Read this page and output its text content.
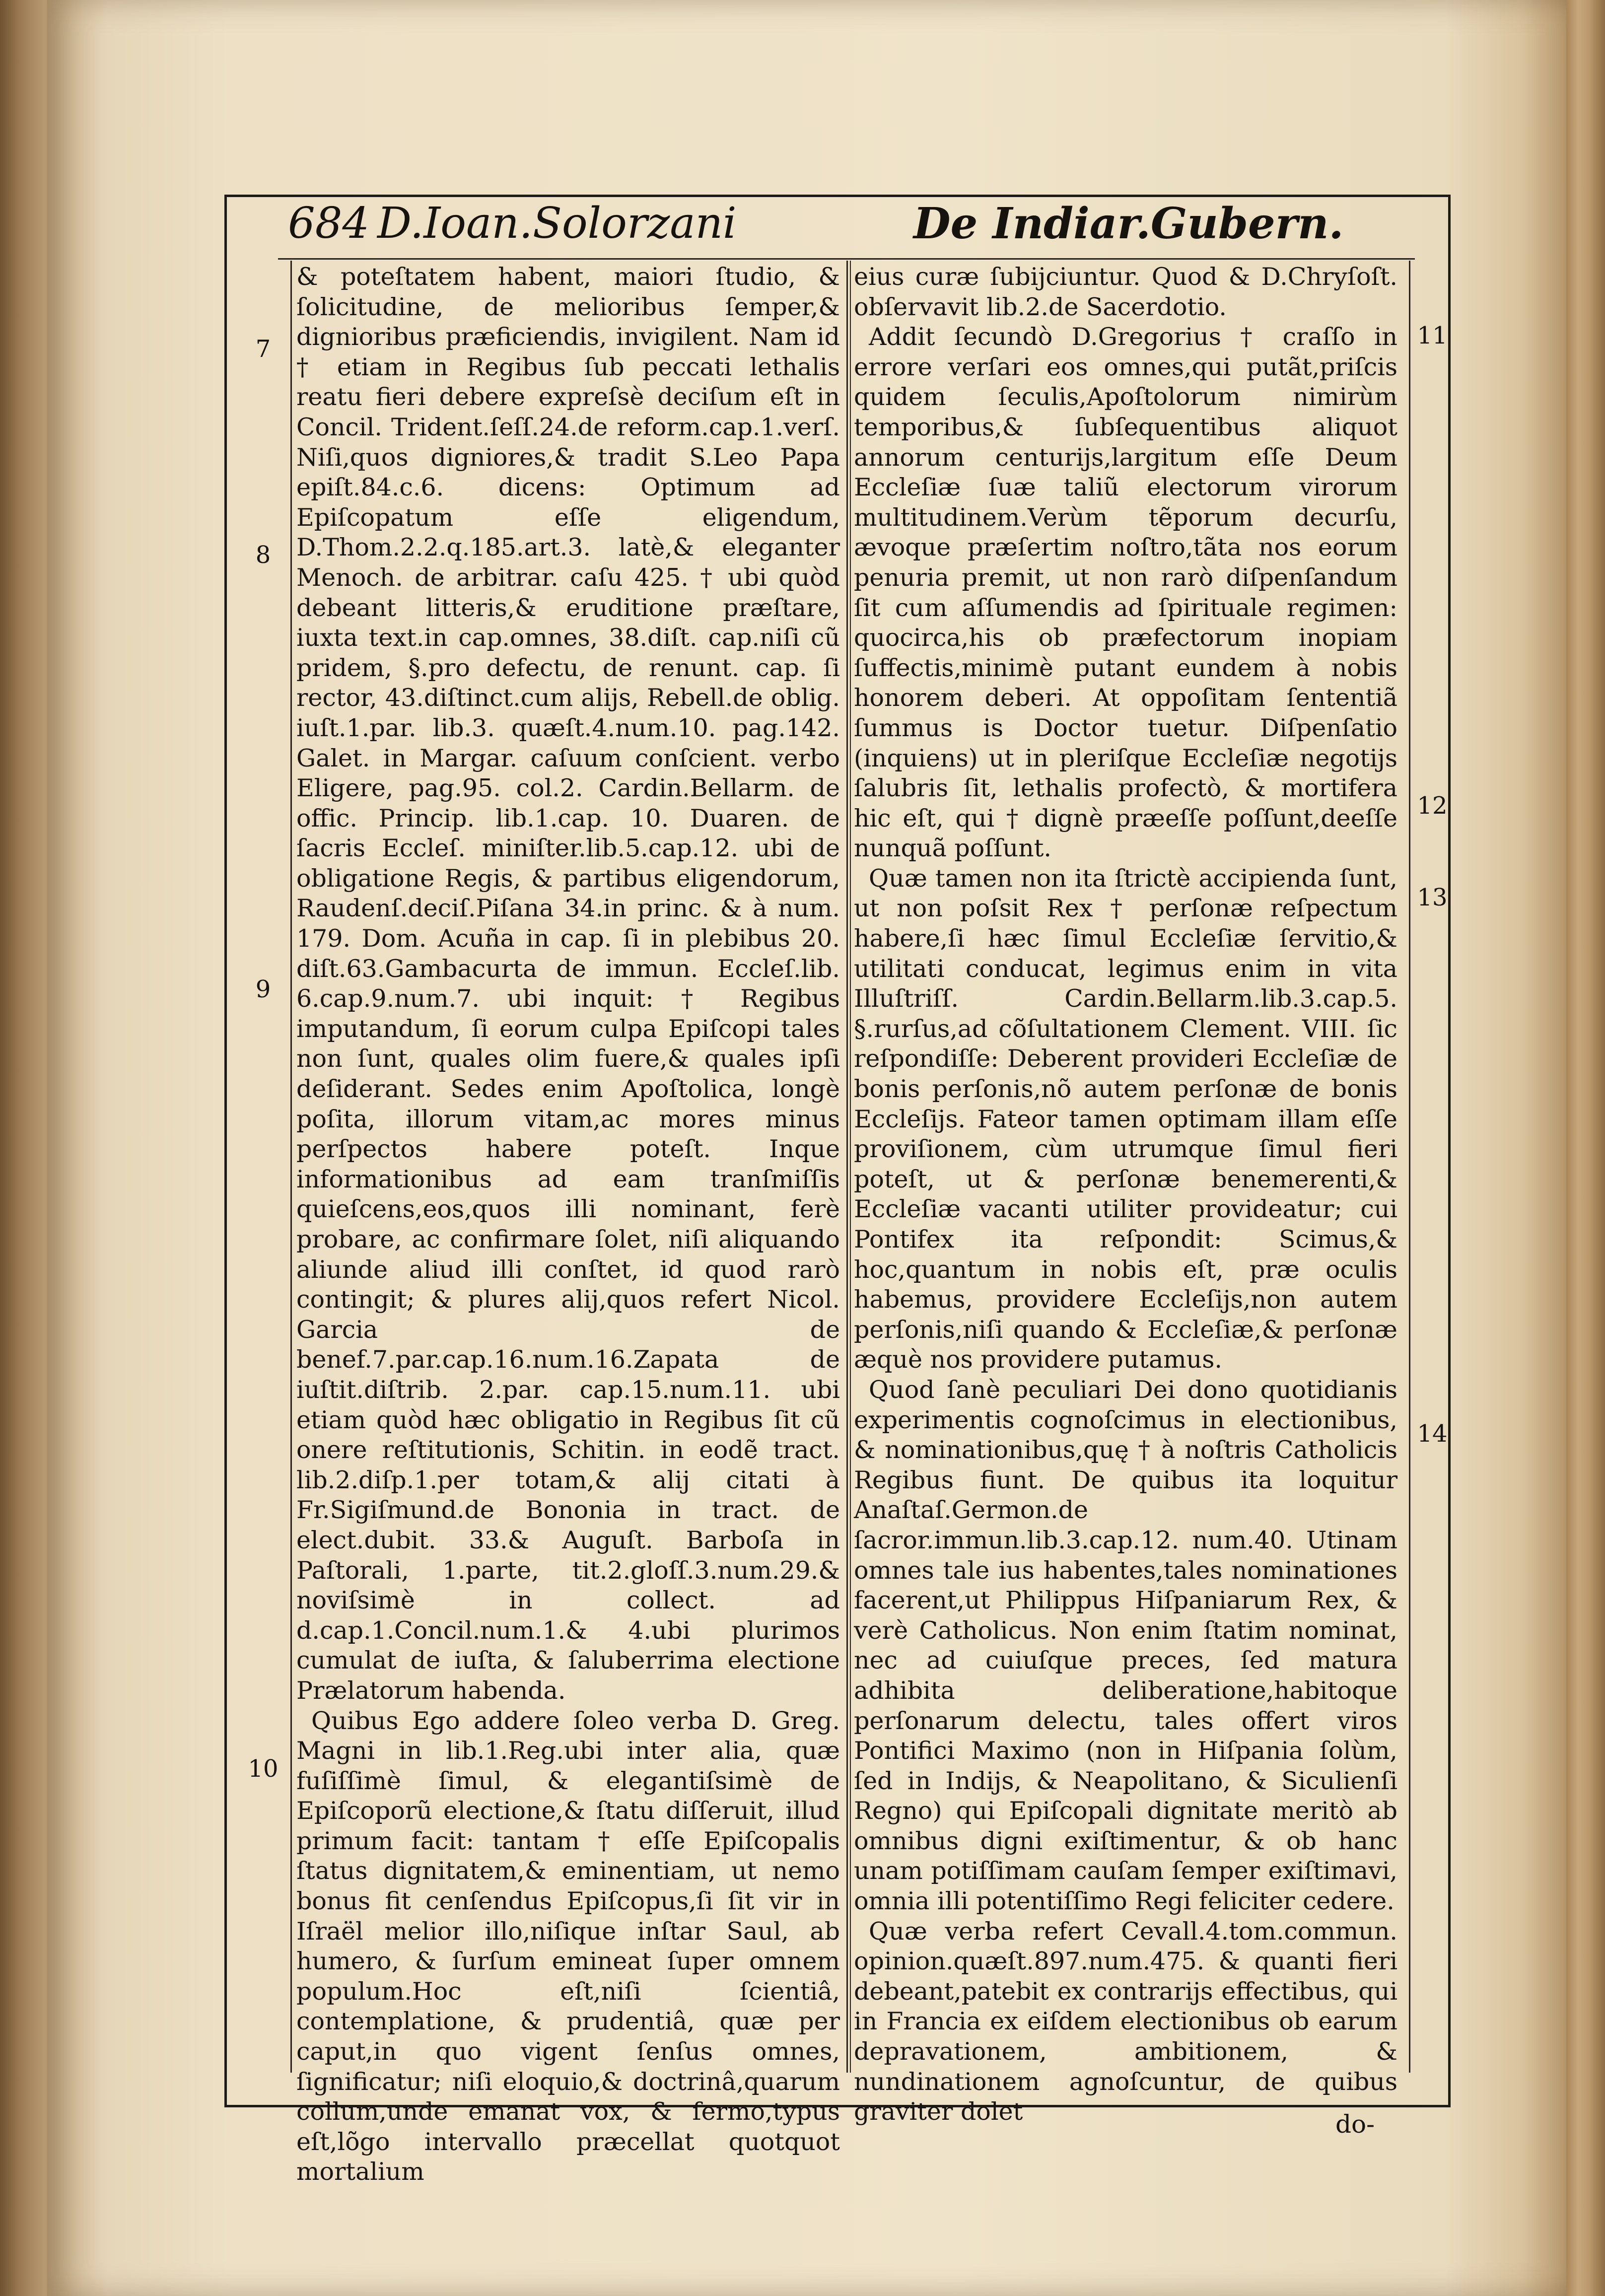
684 D.Ioan.Solorzani	De Indiar.Gubern.

& poteſtatem habent, maiori ſtudio, & ſolicitudine, de melioribus ſemper,& dignioribus præficiendis, invigilent. Nam id † etiam in Regibus ſub peccati lethalis reatu fieri debere expreſsè deciſum eſt in Concil. Trident.ſeſſ.24.de reform.cap.1.verſ. Niſi,quos digniores,& tradit S.Leo Papa epiſt.84.c.6. dicens: Optimum ad Epiſcopatum eſſe eligendum, D.Thom.2.2.q.185.art.3. latè,& eleganter Menoch. de arbitrar. caſu 425. † ubi quòd debeant litteris,& eruditione præſtare, iuxta text.in cap.omnes, 38.diſt. cap.niſi cũ pridem, §.pro defectu, de renunt. cap. ſi rector, 43.diſtinct.cum alijs, Rebell.de oblig. iuſt.1.par. lib.3. quæſt.4.num.10. pag.142. Galet. in Margar. caſuum conſcient. verbo Eligere, pag.95. col.2. Cardin.Bellarm. de offic. Princip. lib.1.cap. 10. Duaren. de ſacris Eccleſ. miniſter.lib.5.cap.12. ubi de obligatione Regis, & partibus eligendorum, Raudenſ.deciſ.Piſana 34.in princ. & à num. 179. Dom. Acuña in cap. ſi in plebibus 20. diſt.63.Gambacurta de immun. Eccleſ.lib. 6.cap.9.num.7. ubi inquit: † Regibus imputandum, ſi eorum culpa Epiſcopi tales non ſunt, quales olim fuere,& quales ipſi deſiderant. Sedes enim Apoſtolica, longè poſita, illorum vitam,ac mores minus perſpectos habere poteſt. Inque informationibus ad eam tranſmiſſis quieſcens,eos,quos illi nominant, ferè probare, ac confirmare ſolet, niſi aliquando aliunde aliud illi conſtet, id quod rarò contingit; & plures alij,quos refert Nicol. Garcia de benef.7.par.cap.16.num.16.Zapata de iuſtit.diſtrib. 2.par. cap.15.num.11. ubi etiam quòd hæc obligatio in Regibus ſit cũ onere reſtitutionis, Schitin. in eodẽ tract. lib.2.diſp.1.per totam,& alij citati à Fr.Sigiſmund.de Bononia in tract. de elect.dubit. 33.& Auguſt. Barboſa in Paſtorali, 1.parte, tit.2.gloſſ.3.num.29.& noviſsimè in collect. ad d.cap.1.Concil.num.1.& 4.ubi plurimos cumulat de iuſta, & ſaluberrima electione Prælatorum habenda.

Quibus Ego addere ſoleo verba D. Greg. Magni in lib.1.Reg.ubi inter alia, quæ fuſiſſimè ſimul, & elegantiſsimè de Epiſcoporũ electione,& ſtatu diſſeruit, illud primum facit: tantam † eſſe Epiſcopalis ſtatus dignitatem,& eminentiam, ut nemo bonus fit cenſendus Epiſcopus,ſi ſit vir in Iſraël melior illo,niſique inſtar Saul, ab humero, & ſurſum emineat ſuper omnem populum.Hoc eſt,niſi ſcientiâ, contemplatione, & prudentiâ, quæ per caput,in quo vigent ſenſus omnes, ſignificatur; niſi eloquio,& doctrinâ,quarum collum,unde emanat vox, & ſermo,typus eſt,lõgo intervallo præcellat quotquot mortalium

eius curæ ſubijciuntur. Quod & D.Chryſoſt. obſervavit lib.2.de Sacerdotio.

Addit ſecundò D.Gregorius † craſſo in errore verſari eos omnes,qui putãt,priſcis quidem ſeculis,Apoſtolorum nimirùm temporibus,& ſubſequentibus aliquot annorum centurijs,largitum eſſe Deum Eccleſiæ ſuæ taliũ electorum virorum multitudinem.Verùm tẽporum decurſu, ævoque præſertim noſtro,tãta nos eorum penuria premit, ut non rarò diſpenſandum ſit cum aſſumendis ad ſpirituale regimen: quocirca,his ob præfectorum inopiam ſuffectis,minimè putant eundem à nobis honorem deberi. At oppoſitam ſententiã ſummus is Doctor tuetur. Diſpenſatio (inquiens) ut in pleriſque Eccleſiæ negotijs ſalubris ſit, lethalis profectò, & mortifera hic eſt, qui † dignè præeſſe poſſunt,deeſſe nunquã poſſunt.

Quæ tamen non ita ſtrictè accipienda ſunt, ut non poſsit Rex † perſonæ reſpectum habere,ſi hæc ſimul Eccleſiæ ſervitio,& utilitati conducat, legimus enim in vita Illuſtriſſ. Cardin.Bellarm.lib.3.cap.5. §.rurſus,ad cõſultationem Clement. VIII. ſic reſpondiſſe: Deberent provideri Eccleſiæ de bonis perſonis,nõ autem perſonæ de bonis Eccleſijs. Fateor tamen optimam illam eſſe proviſionem, cùm utrumque ſimul fieri poteſt, ut & perſonæ benemerenti,& Eccleſiæ vacanti utiliter provideatur; cui Pontifex ita reſpondit: Scimus,& hoc,quantum in nobis eſt, præ oculis habemus, providere Eccleſijs,non autem perſonis,niſi quando & Eccleſiæ,& perſonæ æquè nos providere putamus.

Quod ſanè peculiari Dei dono quotidianis experimentis cognoſcimus in electionibus, & nominationibus,quę † à noſtris Catholicis Regibus fiunt. De quibus ita loquitur Anaſtaſ.Germon.de ſacror.immun.lib.3.cap.12. num.40. Utinam omnes tale ius habentes,tales nominationes facerent,ut Philippus Hiſpaniarum Rex, & verè Catholicus. Non enim ſtatim nominat, nec ad cuiuſque preces, ſed matura adhibita deliberatione,habitoque perſonarum delectu, tales offert viros Pontifici Maximo (non in Hiſpania ſolùm, ſed in Indijs, & Neapolitano, & Siculienſi Regno) qui Epiſcopali dignitate meritò ab omnibus digni exiſtimentur, & ob hanc unam potiſſimam cauſam ſemper exiſtimavi, omnia illi potentiſſimo Regi feliciter cedere.

Quæ verba refert Cevall.4.tom.commun. opinion.quæſt.897.num.475. & quanti fieri debeant,patebit ex contrarijs effectibus, qui in Francia ex eiſdem electionibus ob earum depravationem, ambitionem, & nundinationem agnoſcuntur, de quibus graviter dolet

7
8
9
10
11
12
13
14
do-
